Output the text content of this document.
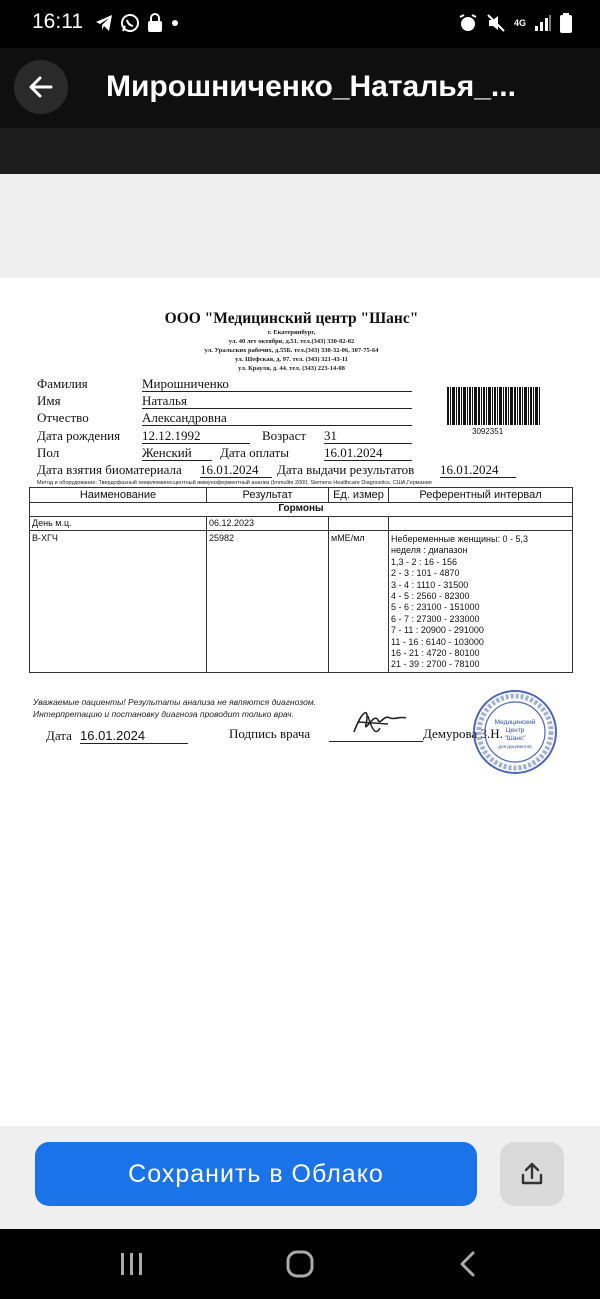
16:11	4G
Мирошниченко_Наталья_...
ООО "Медицинский центр "Шанс"
г. Екатеринбург,
ул. 40 лет октября, д.51. тел.(343) 330-02-02
ул. Уральских рабочих, д.55Б. тел.(343) 330-32-06, 307-75-64
ул. Шефская, д. 97. тел. (343) 321-43-11
ул. Крауля, д. 44. тел. (343) 223-14-08
Фамилия	Мирошниченко
Имя	Наталья
Отчество	Александровна
Дата рождения 12.12.1992	Возраст 31
Пол	Женский	Дата оплаты	16.01.2024
Дата взятия биоматериала 16.01.2024	Дата выдачи результатов 16.01.2024
3092351
Метод и оборудование: Твердофазный хемилюминесцентный иммуноферментный анализ (Immulite 2000, Siemens Healthcare Diagnostics, США,Германия
Наименование	Результат	Ед. измер	Референтный интервал
Гормоны
День м.ц.	06.12.2023
В-ХГЧ	25982	мМЕ/мл	Небеременные женщины: 0 - 5,3
неделя : диапазон
1,3 - 2 : 16 - 156
2 - 3 : 101 - 4870
3 - 4 : 1110 - 31500
4 - 5 : 2560 - 82300
5 - 6 : 23100 - 151000
6 - 7 : 27300 - 233000
7 - 11 : 20900 - 291000
11 - 16 : 6140 - 103000
16 - 21 : 4720 - 80100
21 - 39 : 2700 - 78100
Уважаемые пациенты! Результаты анализа не являются диагнозом.
Интерпретацию и постановку диагноза проводит только врач.
Дата 16.01.2024	Подпись врача	Демурова З.Н.
Медицинский
Центр
"Шанс"
для документов
Сохранить в Облако
